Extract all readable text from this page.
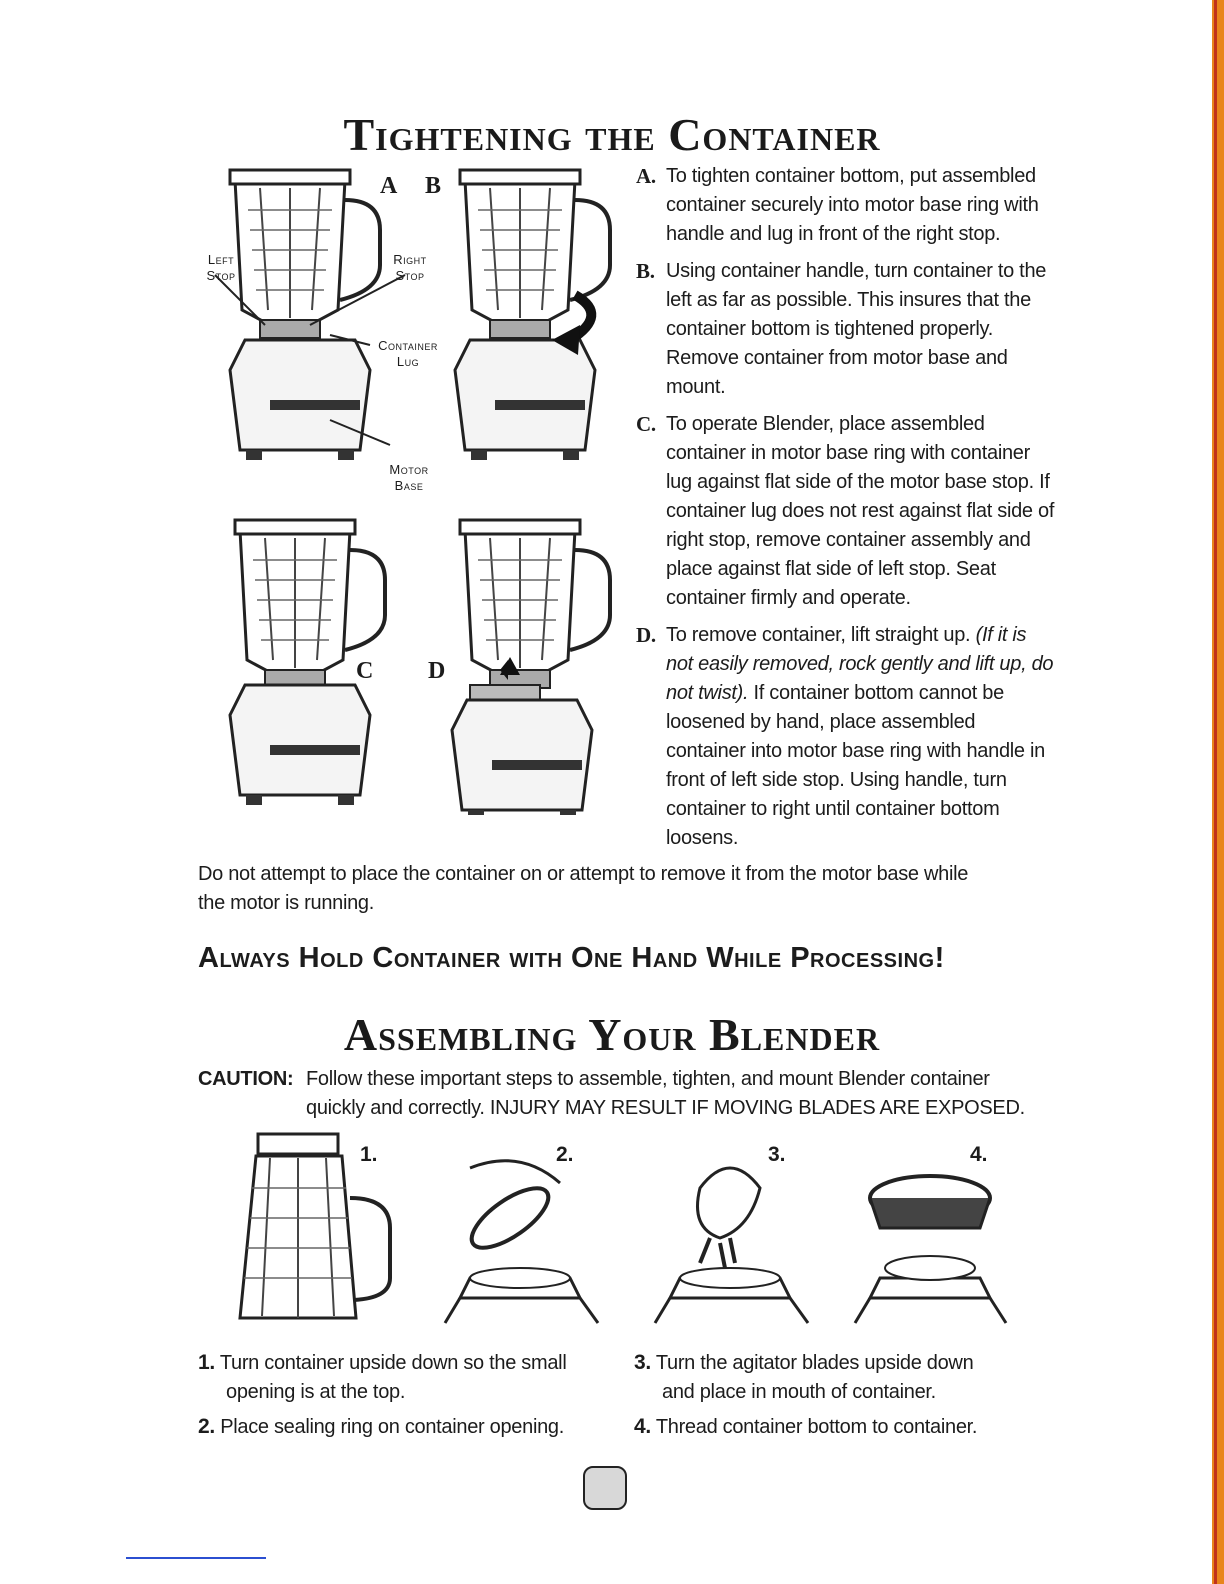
Tightening the Container
Left Stop
Right Stop
Container Lug
Motor Base
A B
C D
A. To tighten container bottom, put assembled container securely into motor base ring with handle and lug in front of the right stop.
B. Using container handle, turn container to the left as far as possible. This insures that the container bottom is tightened properly. Remove container from motor base and mount.
C. To operate Blender, place assembled container in motor base ring with container lug against flat side of the motor base stop. If container lug does not rest against flat side of right stop, remove container assembly and place against flat side of left stop. Seat container firmly and operate.
D. To remove container, lift straight up. (If it is not easily removed, rock gently and lift up, do not twist). If container bottom cannot be loosened by hand, place assembled container into motor base ring with handle in front of left side stop. Using handle, turn container to right until container bottom loosens.
Do not attempt to place the container on or attempt to remove it from the motor base while the motor is running.
Always Hold Container with One Hand While Processing!
Assembling Your Blender
CAUTION: Follow these important steps to assemble, tighten, and mount Blender container quickly and correctly. INJURY MAY RESULT IF MOVING BLADES ARE EXPOSED.
1.	2.	3.	4.
1. Turn container upside down so the small
opening is at the top.
2. Place sealing ring on container opening.
3. Turn the agitator blades upside down
and place in mouth of container.
4. Thread container bottom to container.
